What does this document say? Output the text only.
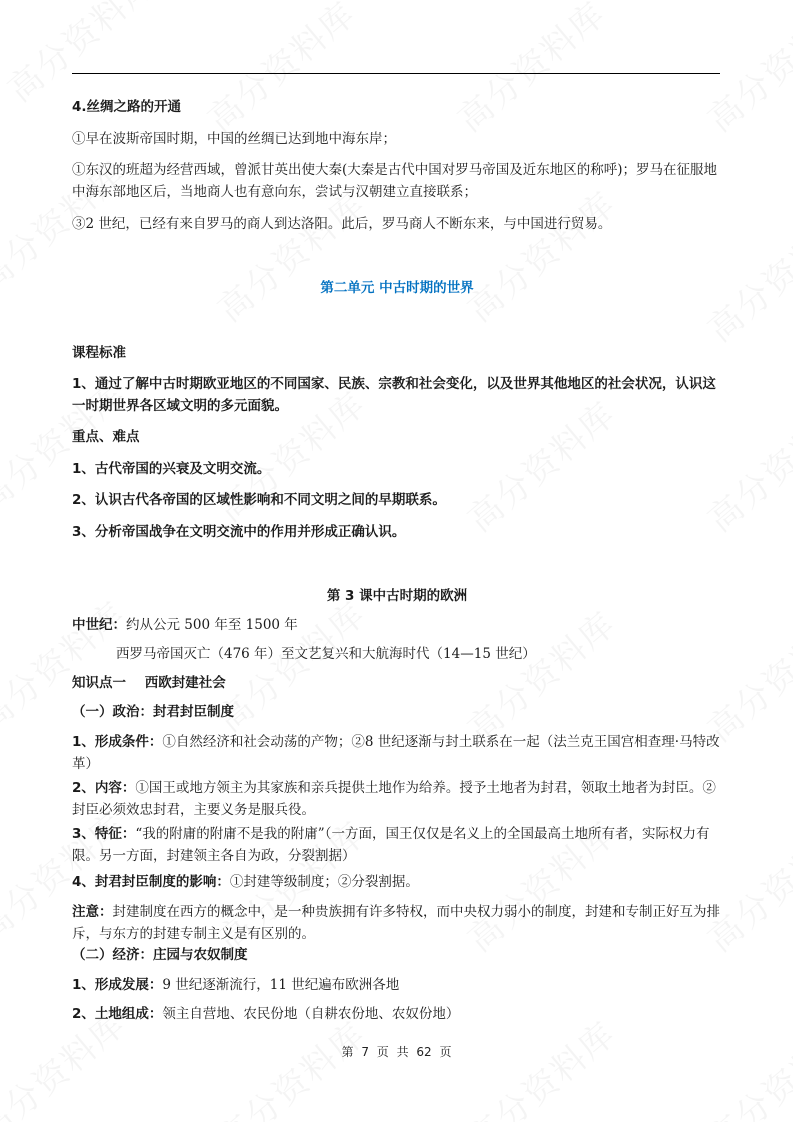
4.丝绸之路的开通
①早在波斯帝国时期，中国的丝绸已达到地中海东岸；
①东汉的班超为经营西域，曾派甘英出使大秦(大秦是古代中国对罗马帝国及近东地区的称呼)；罗马在征服地中海东部地区后，当地商人也有意向东，尝试与汉朝建立直接联系；
③2 世纪，已经有来自罗马的商人到达洛阳。此后，罗马商人不断东来，与中国进行贸易。
第二单元 中古时期的世界
课程标准
1、通过了解中古时期欧亚地区的不同国家、民族、宗教和社会变化，以及世界其他地区的社会状况，认识这一时期世界各区域文明的多元面貌。
重点、难点
1、古代帝国的兴衰及文明交流。
2、认识古代各帝国的区域性影响和不同文明之间的早期联系。
3、分析帝国战争在文明交流中的作用并形成正确认识。
第 3 课中古时期的欧洲
中世纪：约从公元 500 年至 1500 年
西罗马帝国灭亡（476 年）至文艺复兴和大航海时代（14—15 世纪）
知识点一    西欧封建社会
（一）政治：封君封臣制度
1、形成条件：①自然经济和社会动荡的产物；②8 世纪逐渐与封土联系在一起（法兰克王国宫相查理·马特改革）
2、内容：①国王或地方领主为其家族和亲兵提供土地作为给养。授予土地者为封君，领取土地者为封臣。②封臣必须效忠封君，主要义务是服兵役。
3、特征：“我的附庸的附庸不是我的附庸”（一方面，国王仅仅是名义上的全国最高土地所有者，实际权力有限。另一方面，封建领主各自为政，分裂割据）
4、封君封臣制度的影响：①封建等级制度；②分裂割据。
注意：封建制度在西方的概念中，是一种贵族拥有许多特权，而中央权力弱小的制度，封建和专制正好互为排斥，与东方的封建专制主义是有区别的。
（二）经济：庄园与农奴制度
1、形成发展：9 世纪逐渐流行，11 世纪遍布欧洲各地
2、土地组成：领主自营地、农民份地（自耕农份地、农奴份地）
第 7 页 共 62 页
